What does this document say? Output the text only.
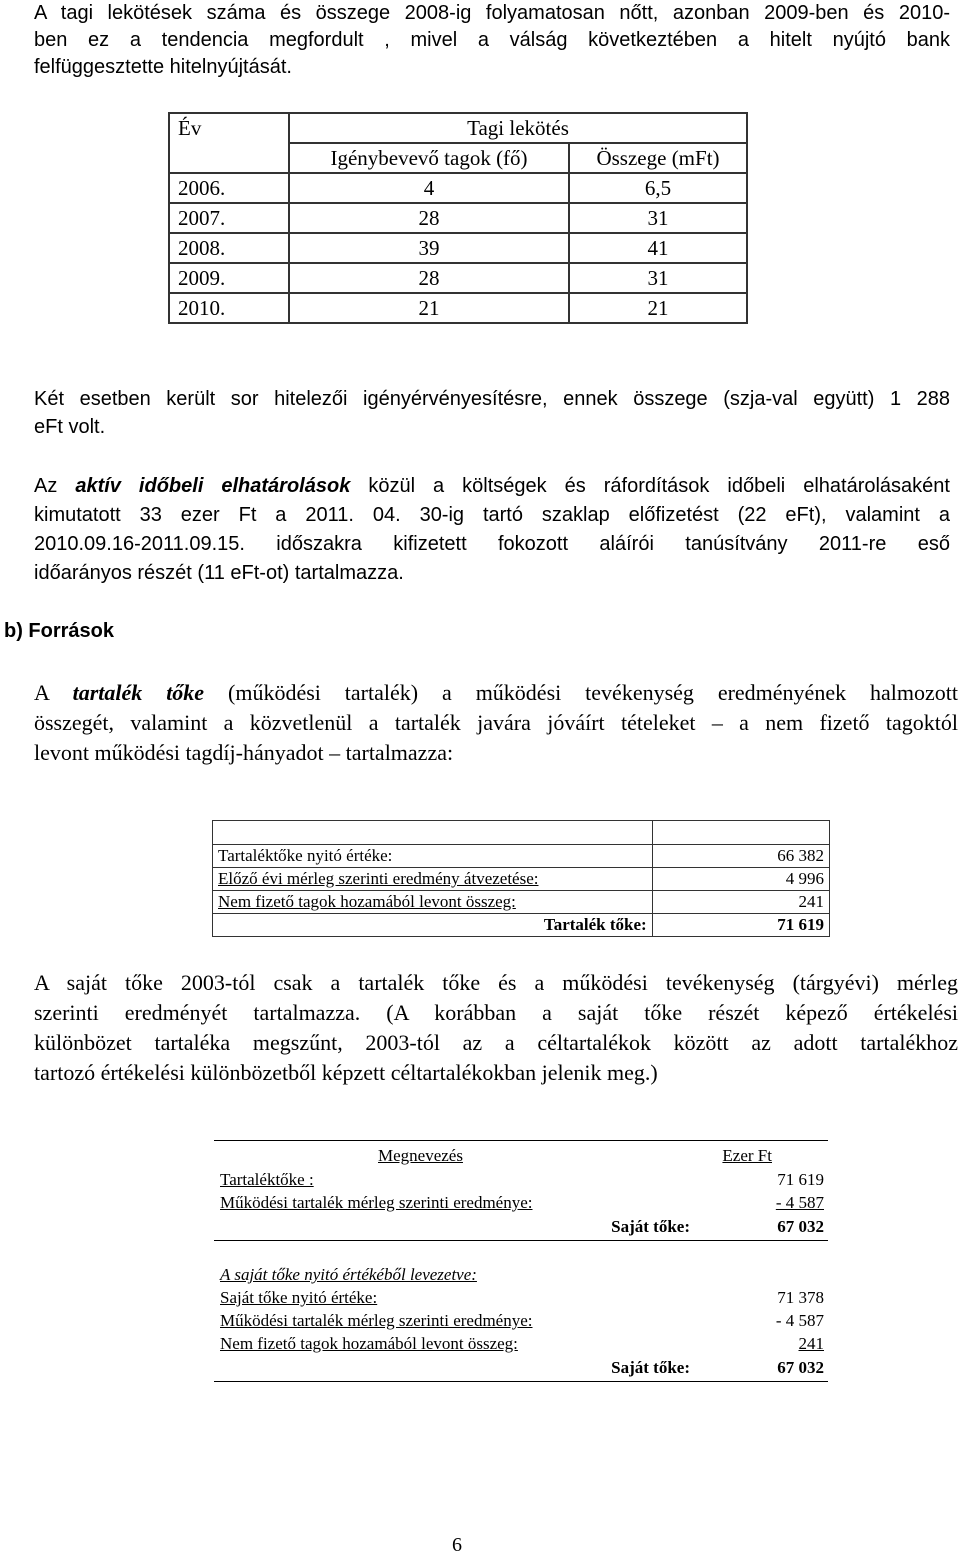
A tagi lekötések száma és összege 2008-ig folyamatosan nőtt, azonban 2009-ben és 2010-
ben ez a tendencia megfordult , mivel a válság következtében a hitelt nyújtó bank
felfüggesztette hitelnyújtását.
Év	Tagi lekötés	
	Igénybevevő tagok (fő)	Összege (mFt)
2006.	4	6,5
2007.	28	31
2008.	39	41
2009.	28	31
2010.	21	21
Két esetben került sor hitelezői igényérvényesítésre, ennek összege (szja-val együtt) 1 288
eFt volt.
Az aktív időbeli elhatárolások közül a költségek és ráfordítások időbeli elhatárolásaként
kimutatott 33 ezer Ft a 2011. 04. 30-ig tartó szaklap előfizetést (22 eFt), valamint a
2010.09.16-2011.09.15. időszakra kifizetett fokozott aláírói tanúsítvány 2011-re eső
időarányos részét (11 eFt-ot) tartalmazza.
b) Források
A tartalék tőke (működési tartalék) a működési tevékenység eredményének halmozott
összegét, valamint a közvetlenül a tartalék javára jóváírt tételeket – a nem fizető tagoktól
levont működési tagdíj-hányadot – tartalmazza:

Tartaléktőke nyitó értéke:	66 382
Előző évi mérleg szerinti eredmény átvezetése:	4 996
Nem fizető tagok hozamából levont összeg:	241
Tartalék tőke:	71 619
A saját tőke 2003-tól csak a tartalék tőke és a működési tevékenység (tárgyévi) mérleg
szerinti eredményét tartalmazza. (A korábban a saját tőke részét képező értékelési
különbözet tartaléka megszűnt, 2003-tól az a céltartalékok között az adott tartalékhoz
tartozó értékelési különbözetből képzett céltartalékokban jelenik meg.)
Megnevezés	Ezer Ft
Tartaléktőke :	71 619
Működési tartalék mérleg szerinti eredménye:	- 4 587
Saját tőke:	67 032
A saját tőke nyitó értékéből levezetve:
Saját tőke nyitó értéke:	71 378
Működési tartalék mérleg szerinti eredménye:	- 4 587
Nem fizető tagok hozamából levont összeg:	241
Saját tőke:	67 032
6
